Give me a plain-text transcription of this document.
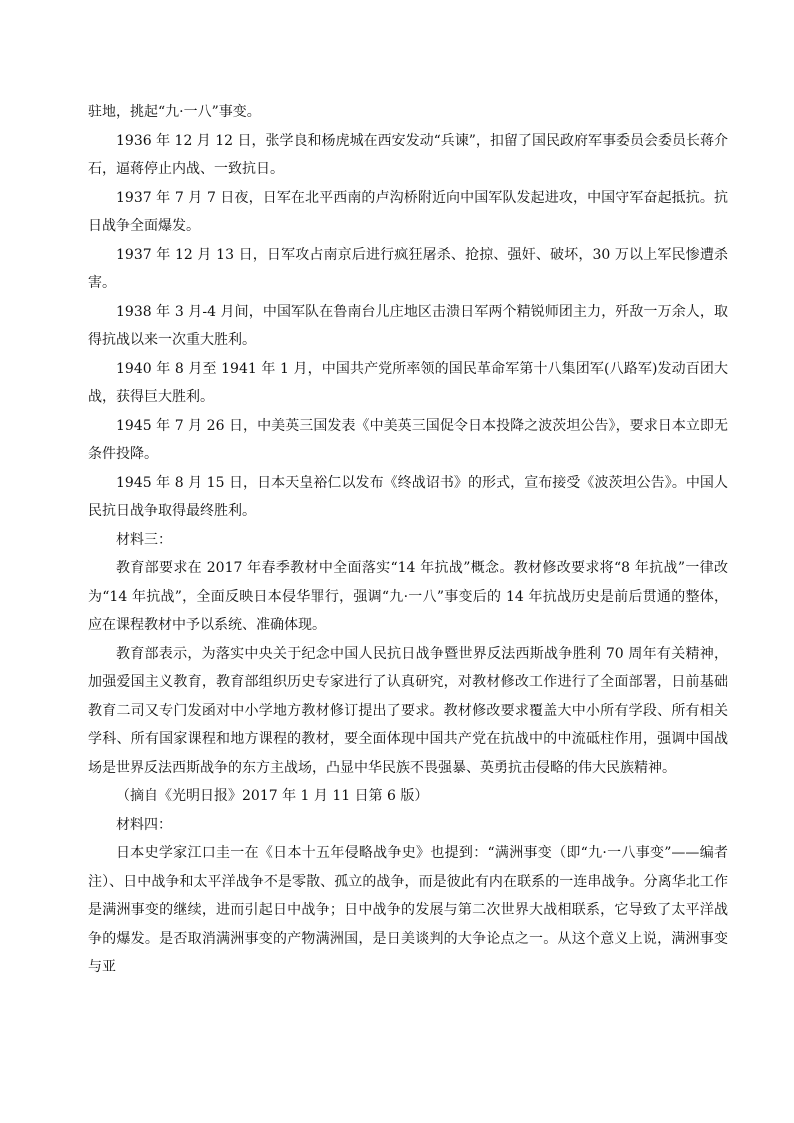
驻地，挑起“九·一八”事变。

1936 年 12 月 12 日，张学良和杨虎城在西安发动“兵谏”，扣留了国民政府军事委员会委员长蒋介石，逼蒋停止内战、一致抗日。

1937 年 7 月 7 日夜，日军在北平西南的卢沟桥附近向中国军队发起进攻，中国守军奋起抵抗。抗日战争全面爆发。

1937 年 12 月 13 日，日军攻占南京后进行疯狂屠杀、抢掠、强奸、破坏，30 万以上军民惨遭杀害。

1938 年 3 月-4 月间，中国军队在鲁南台儿庄地区击溃日军两个精锐师团主力，歼敌一万余人，取得抗战以来一次重大胜利。

1940 年 8 月至 1941 年 1 月，中国共产党所率领的国民革命军第十八集团军(八路军)发动百团大战，获得巨大胜利。

1945 年 7 月 26 日，中美英三国发表《中美英三国促令日本投降之波茨坦公告》，要求日本立即无条件投降。

1945 年 8 月 15 日，日本天皇裕仁以发布《终战诏书》的形式，宣布接受《波茨坦公告》。中国人民抗日战争取得最终胜利。

材料三：

教育部要求在 2017 年春季教材中全面落实“14 年抗战”概念。教材修改要求将“8 年抗战”一律改为“14 年抗战”，全面反映日本侵华罪行，强调“九·一八”事变后的 14 年抗战历史是前后贯通的整体，应在课程教材中予以系统、准确体现。

教育部表示，为落实中央关于纪念中国人民抗日战争暨世界反法西斯战争胜利 70 周年有关精神，加强爱国主义教育，教育部组织历史专家进行了认真研究，对教材修改工作进行了全面部署，日前基础教育二司又专门发函对中小学地方教材修订提出了要求。教材修改要求覆盖大中小所有学段、所有相关学科、所有国家课程和地方课程的教材，要全面体现中国共产党在抗战中的中流砥柱作用，强调中国战场是世界反法西斯战争的东方主战场，凸显中华民族不畏强暴、英勇抗击侵略的伟大民族精神。

（摘自《光明日报》2017 年 1 月 11 日第 6 版）

材料四：

日本史学家江口圭一在《日本十五年侵略战争史》也提到：“满洲事变（即“九·一八事变”——编者注）、日中战争和太平洋战争不是零散、孤立的战争，而是彼此有内在联系的一连串战争。分离华北工作是满洲事变的继续，进而引起日中战争；日中战争的发展与第二次世界大战相联系，它导致了太平洋战争的爆发。是否取消满洲事变的产物满洲国，是日美谈判的大争论点之一。从这个意义上说，满洲事变与亚
